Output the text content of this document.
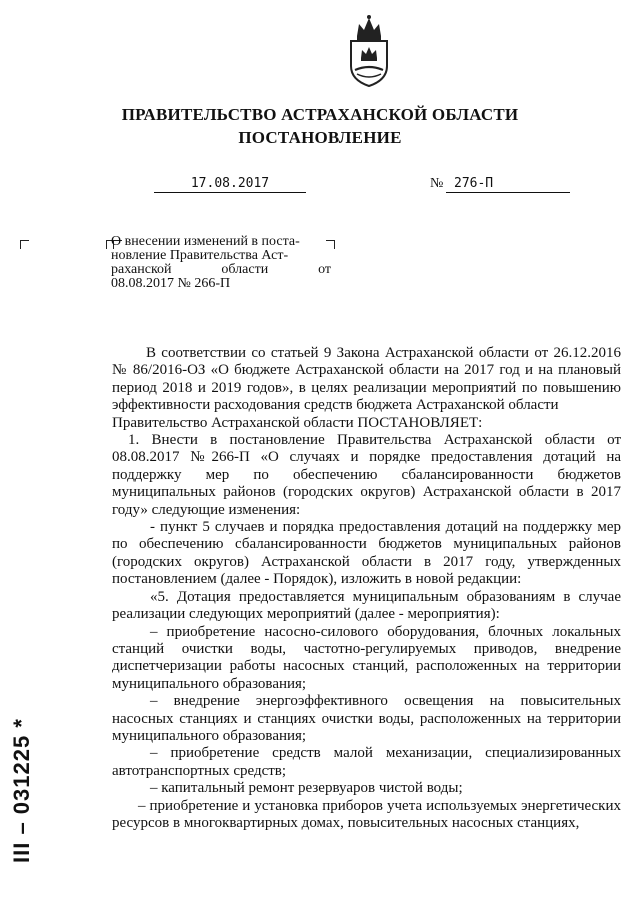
ПРАВИТЕЛЬСТВО АСТРАХАНСКОЙ ОБЛАСТИ
ПОСТАНОВЛЕНИЕ
17.08.2017	№ 276-П
О внесении изменений в поста-
новление Правительства Аст-
раханской области от
08.08.2017 № 266-П

В соответствии со статьей 9 Закона Астраханской области от 26.12.2016 № 86/2016-ОЗ «О бюджете Астраханской области на 2017 год и на плановый период 2018 и 2019 годов», в целях реализации мероприятий по повышению эффективности расходования средств бюджета Астраханской области

Правительство Астраханской области ПОСТАНОВЛЯЕТ:

1. Внести в постановление Правительства Астраханской области от 08.08.2017 №266-П «О случаях и порядке предоставления дотаций на поддержку мер по обеспечению сбалансированности бюджетов муниципальных районов (городских округов) Астраханской области в 2017 году» следующие изменения:

- пункт 5 случаев и порядка предоставления дотаций на поддержку мер по обеспечению сбалансированности бюджетов муниципальных районов (городских округов) Астраханской области в 2017 году, утвержденных постановлением (далее - Порядок), изложить в новой редакции:

«5. Дотация предоставляется муниципальным образованиям в случае реализации следующих мероприятий (далее - мероприятия):

– приобретение насосно-силового оборудования, блочных локальных станций очистки воды, частотно-регулируемых приводов, внедрение диспетчеризации работы насосных станций, расположенных на территории муниципального образования;

– внедрение энергоэффективного освещения на повысительных насосных станциях и станциях очистки воды, расположенных на территории муниципального образования;

– приобретение средств малой механизации, специализированных автотранспортных средств;

– капитальный ремонт резервуаров чистой воды;

– приобретение и установка приборов учета используемых энергетических ресурсов в многоквартирных домах, повысительных насосных станциях,

ІІІ – 031225 *
